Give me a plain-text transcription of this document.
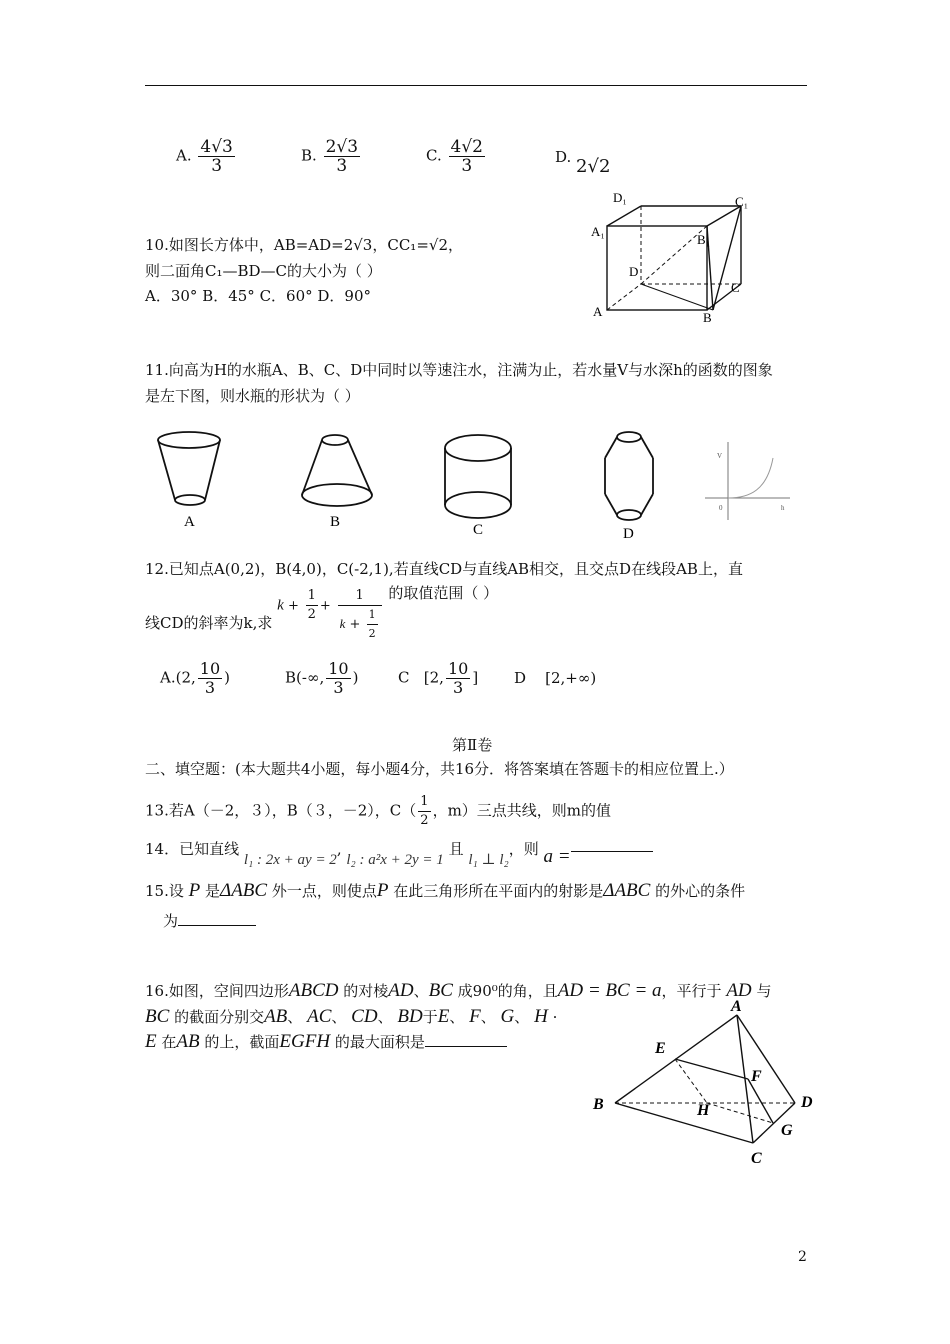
A. $\frac{4√3}{3}$	B. $\frac{2√3}{3}$	C. $\frac{4√2}{3}$	D. 2√2
10.如图长方体中，AB=AD=2√3，CC₁=√2，
则二面角C₁—BD—C的大小为（ ）
A．30° B．45° C．60° D．90°
D₁	C₁
A₁
B₁
D
C
A	B
11.向高为H的水瓶A、B、C、D中同时以等速注水，注满为止，若水量V与水深h的函数的图象
是左下图，则水瓶的形状为（ ）
V
h
0
A	B	C	D
12.已知点A(0,2)，B(4,0)，C(-2,1),若直线CD与直线AB相交，且交点D在线段AB上，直
线CD的斜率为k,求 $k + \frac{1}{2} + \frac{1}{k + \frac{1}{2}}$ 的取值范围（ ）
A.(2, $\frac{10}{3}$ )	B(-∞, $\frac{10}{3}$ )	C   [2, $\frac{10}{3}$ ] D    [2,+∞)
第Ⅱ卷
二、填空题：(本大题共4小题，每小题4分，共16分．将答案填在答题卡的相应位置上.）
13.若A（－2，３），B（３，－2），$C( \frac{1}{2}$ ，m）三点共线，则m的值
14．已知直线 l₁ : 2x + ay = 2, l₂ : a²x + 2y = 1 且 l₁ ⊥ l₂，则 a =
15.设 P 是ΔABC 外一点，则使点P 在此三角形所在平面内的射影是ΔABC 的外心的条件
为
16.如图，空间四边形ABCD 的对棱AD、BC 成90⁰的角，且AD = BC = a，平行于 AD 与
BC 的截面分别交AB、 AC、 CD、 BD于E、 F、 G、 H ·
E 在AB 的上，截面EGFH 的最大面积是
A
B
C
D
E
F
G
H
2
